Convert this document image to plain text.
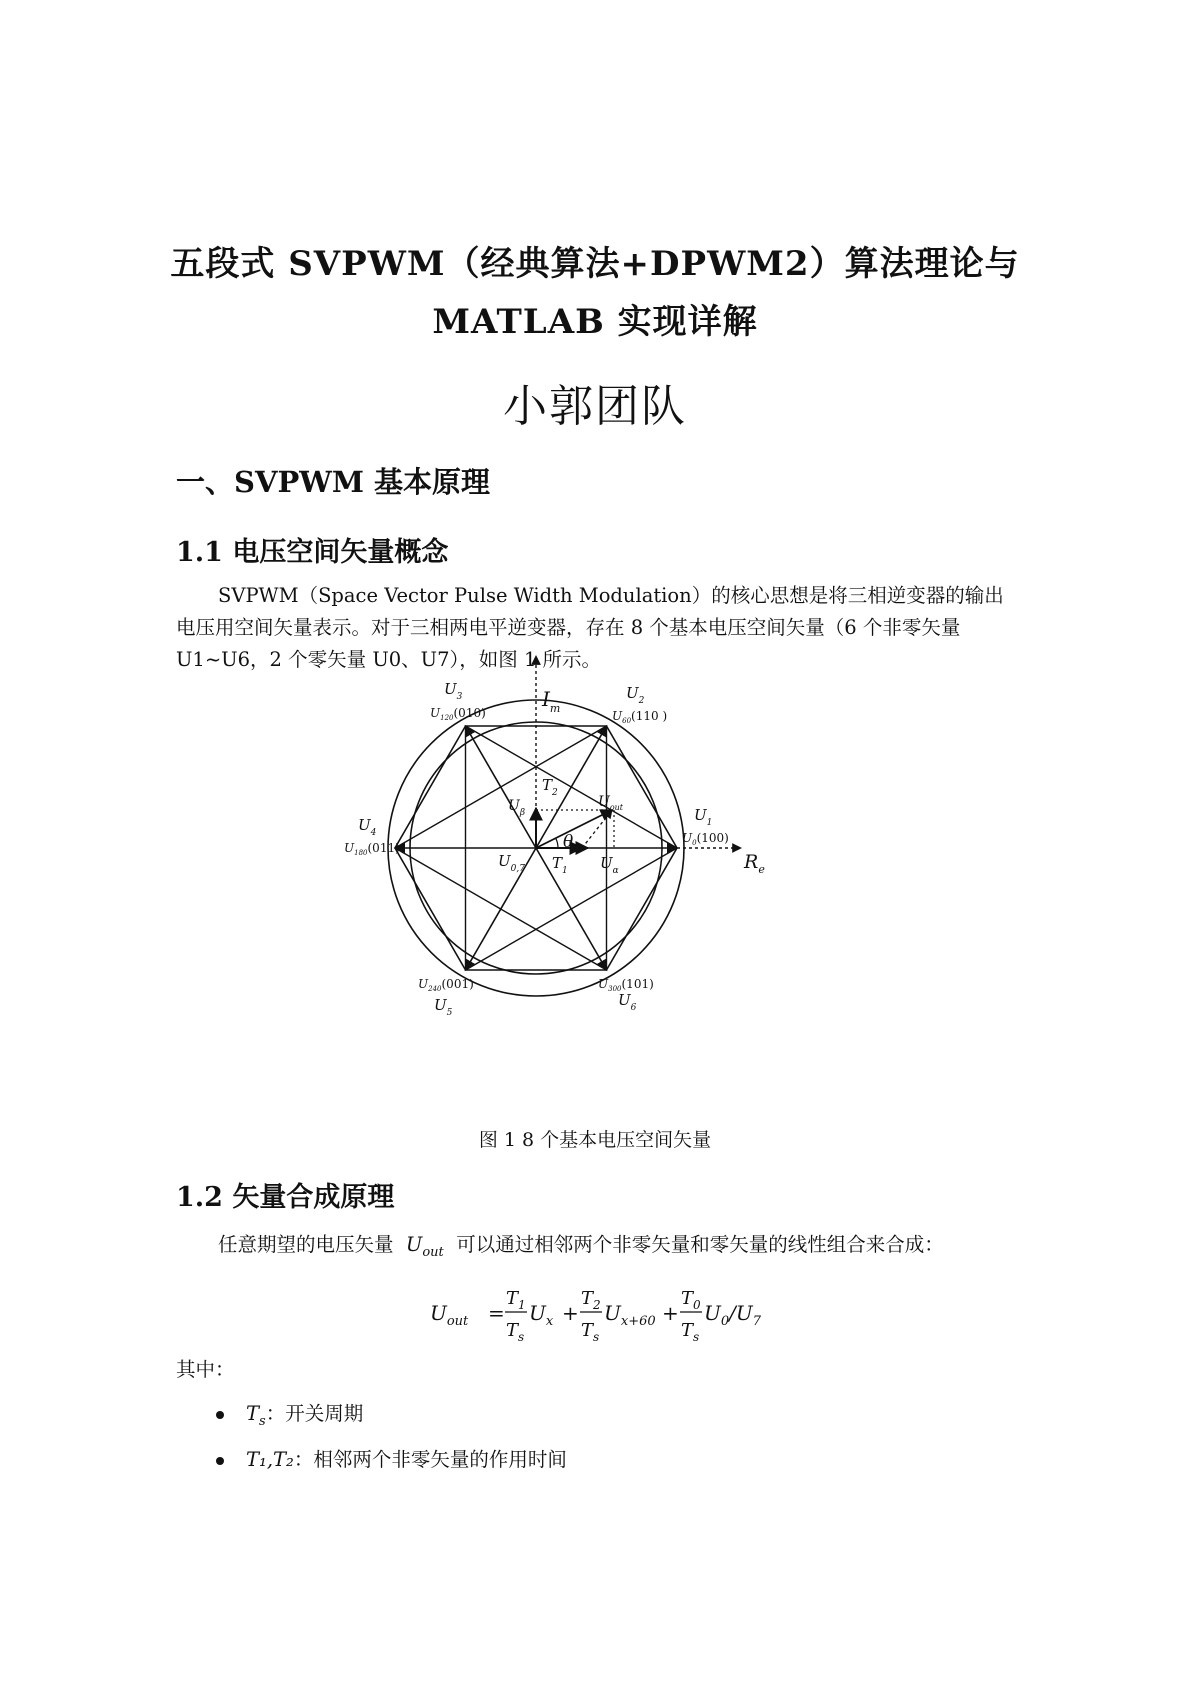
五段式 SVPWM（经典算法+DPWM2）算法理论与
MATLAB 实现详解
小郭团队
一、SVPWM 基本原理
1.1 电压空间矢量概念
SVPWM（Space Vector Pulse Width Modulation）的核心思想是将三相逆变器的输出电压用空间矢量表示。对于三相两电平逆变器，存在 8 个基本电压空间矢量（6 个非零矢量 U1~U6，2 个零矢量 U0、U7），如图 1 所示。
$I_m$
$R_e$
$U_3$
$U_{120}(010)$
$U_2$
$U_{60}(110$ )
$U_1$
$U_0(100)$
$U_4$
$U_{180}(011)$
$U_{240}(001)$
$U_5$
$U_{300}(101)$
$U_6$
$U_{0,7}$ $T_1$ $U_\alpha$
$U_\beta$
$T_2$
$U_{out}$
θ
图 1 8 个基本电压空间矢量
1.2 矢量合成原理
任意期望的电压矢量 $U_{out}$ 可以通过相邻两个非零矢量和零矢量的线性组合来合成：
$U_{out}$ =
$T_1$
$T_s$
$U_x$ +
$T_2$
$T_s$
$U_{x+60}$ +
$T_0$
$T_s$
$U_0/U_7$
其中：
$T_s$：开关周期
T₁,T₂：相邻两个非零矢量的作用时间
